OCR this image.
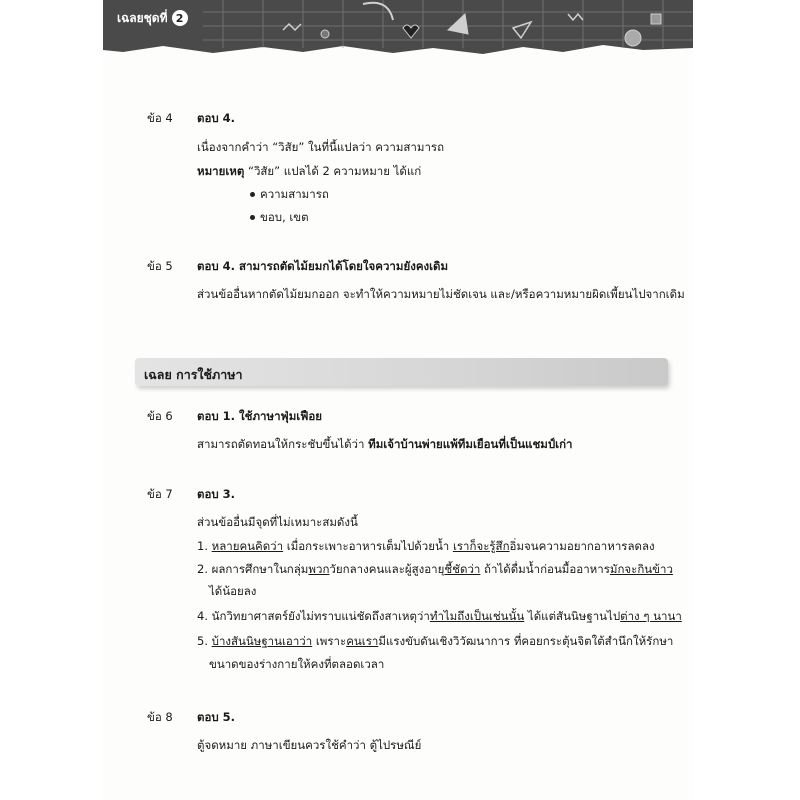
เฉลยชุดที่ 2
ข้อ 4 ตอบ 4.
เนื่องจากคำว่า “วิสัย” ในที่นี้แปลว่า ความสามารถ
หมายเหตุ “วิสัย” แปลได้ 2 ความหมาย ได้แก่
ความสามารถ
ขอบ, เขต
ข้อ 5 ตอบ 4. สามารถตัดไม้ยมกได้โดยใจความยังคงเดิม
ส่วนข้ออื่นหากตัดไม้ยมกออก จะทำให้ความหมายไม่ชัดเจน และ/หรือความหมายผิดเพี้ยนไปจากเดิม
เฉลย การใช้ภาษา
ข้อ 6 ตอบ 1. ใช้ภาษาฟุ่มเฟือย
สามารถตัดทอนให้กระชับขึ้นได้ว่า ทีมเจ้าบ้านพ่ายแพ้ทีมเยือนที่เป็นแชมป์เก่า
ข้อ 7 ตอบ 3.
ส่วนข้ออื่นมีจุดที่ไม่เหมาะสมดังนี้
1. หลายคนคิดว่า เมื่อกระเพาะอาหารเต็มไปด้วยน้ำ เราก็จะรู้สึกอิ่มจนความอยากอาหารลดลง
2. ผลการศึกษาในกลุ่มพวกวัยกลางคนและผู้สูงอายุชี้ชัดว่า ถ้าได้ดื่มน้ำก่อนมื้ออาหารมักจะกินข้าว
ได้น้อยลง
4. นักวิทยาศาสตร์ยังไม่ทราบแน่ชัดถึงสาเหตุว่าทำไมถึงเป็นเช่นนั้น ได้แต่สันนิษฐานไปต่าง ๆ นานา
5. บ้างสันนิษฐานเอาว่า เพราะคนเรามีแรงขับดันเชิงวิวัฒนาการ ที่คอยกระตุ้นจิตใต้สำนึกให้รักษา
ขนาดของร่างกายให้คงที่ตลอดเวลา
ข้อ 8 ตอบ 5.
ตู้จดหมาย ภาษาเขียนควรใช้คำว่า ตู้ไปรษณีย์
